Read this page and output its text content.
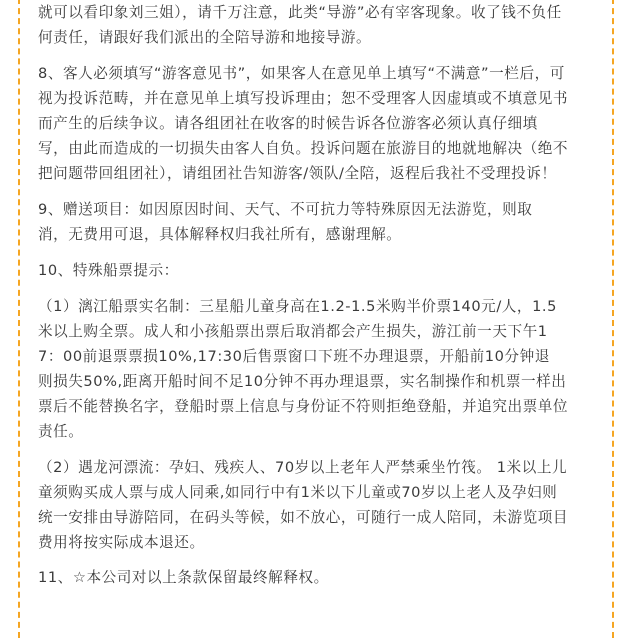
就可以看印象刘三姐），请千万注意，此类“导游”必有宰客现象。收了钱不负任
何责任，请跟好我们派出的全陪导游和地接导游。

8、客人必须填写“游客意见书”，如果客人在意见单上填写“不满意”一栏后，可
视为投诉范畴，并在意见单上填写投诉理由；恕不受理客人因虚填或不填意见书
而产生的后续争议。请各组团社在收客的时候告诉各位游客必须认真仔细填
写，由此而造成的一切损失由客人自负。投诉问题在旅游目的地就地解决（绝不
把问题带回组团社），请组团社告知游客/领队/全陪，返程后我社不受理投诉！

9、赠送项目：如因原因时间、天气、不可抗力等特殊原因无法游览，则取
消，无费用可退，具体解释权归我社所有，感谢理解。

10、特殊船票提示：

（1）漓江船票实名制：三星船儿童身高在1.2-1.5米购半价票140元/人，1.5
米以上购全票。成人和小孩船票出票后取消都会产生损失，游江前一天下午1
7：00前退票票损10%,17:30后售票窗口下班不办理退票，开船前10分钟退
则损失50%,距离开船时间不足10分钟不再办理退票，实名制操作和机票一样出
票后不能替换名字，登船时票上信息与身份证不符则拒绝登船，并追究出票单位
责任。

（2）遇龙河漂流：孕妇、残疾人、70岁以上老年人严禁乘坐竹筏。 1米以上儿
童须购买成人票与成人同乘,如同行中有1米以下儿童或70岁以上老人及孕妇则
统一安排由导游陪同，在码头等候，如不放心，可随行一成人陪同，未游览项目
费用将按实际成本退还。

11、☆本公司对以上条款保留最终解释权。
